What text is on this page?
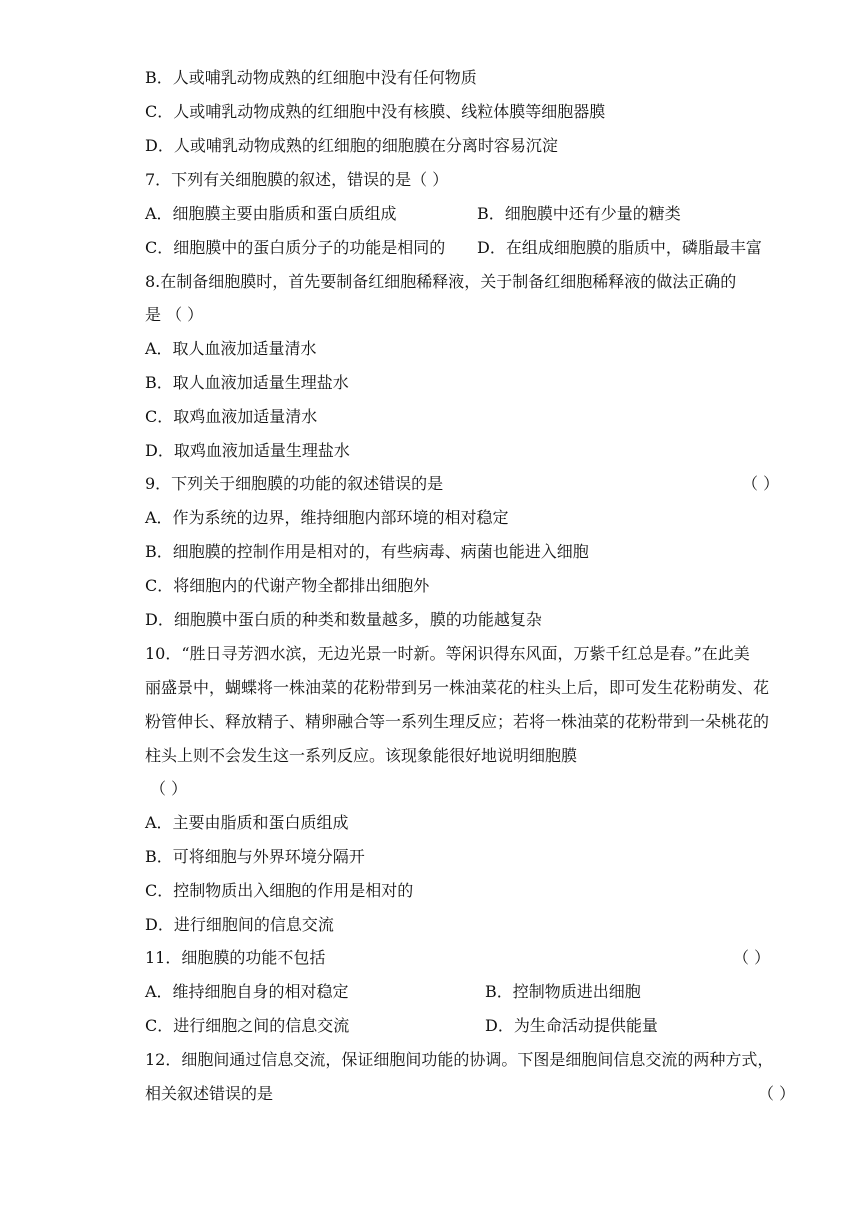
B．人或哺乳动物成熟的红细胞中没有任何物质
C．人或哺乳动物成熟的红细胞中没有核膜、线粒体膜等细胞器膜
D．人或哺乳动物成熟的红细胞的细胞膜在分离时容易沉淀
7．下列有关细胞膜的叙述，错误的是（ ）
A．细胞膜主要由脂质和蛋白质组成	B．细胞膜中还有少量的糖类
C．细胞膜中的蛋白质分子的功能是相同的 D．在组成细胞膜的脂质中，磷脂最丰富
8.在制备细胞膜时，首先要制备红细胞稀释液，关于制备红细胞稀释液的做法正确的
是 （ ）
A．取人血液加适量清水
B．取人血液加适量生理盐水
C．取鸡血液加适量清水
D．取鸡血液加适量生理盐水
9．下列关于细胞膜的功能的叙述错误的是	（ ）
A．作为系统的边界，维持细胞内部环境的相对稳定
B．细胞膜的控制作用是相对的，有些病毒、病菌也能进入细胞
C．将细胞内的代谢产物全都排出细胞外
D．细胞膜中蛋白质的种类和数量越多，膜的功能越复杂
10．“胜日寻芳泗水滨，无边光景一时新。等闲识得东风面，万紫千红总是春。”在此美
丽盛景中，蝴蝶将一株油菜的花粉带到另一株油菜花的柱头上后，即可发生花粉萌发、花
粉管伸长、释放精子、精卵融合等一系列生理反应；若将一株油菜的花粉带到一朵桃花的
柱头上则不会发生这一系列反应。该现象能很好地说明细胞膜
（ ）
A．主要由脂质和蛋白质组成
B．可将细胞与外界环境分隔开
C．控制物质出入细胞的作用是相对的
D．进行细胞间的信息交流
11．细胞膜的功能不包括	（ ）
A．维持细胞自身的相对稳定	B．控制物质进出细胞
C．进行细胞之间的信息交流	D．为生命活动提供能量
12．细胞间通过信息交流，保证细胞间功能的协调。下图是细胞间信息交流的两种方式，
相关叙述错误的是	（ ）
